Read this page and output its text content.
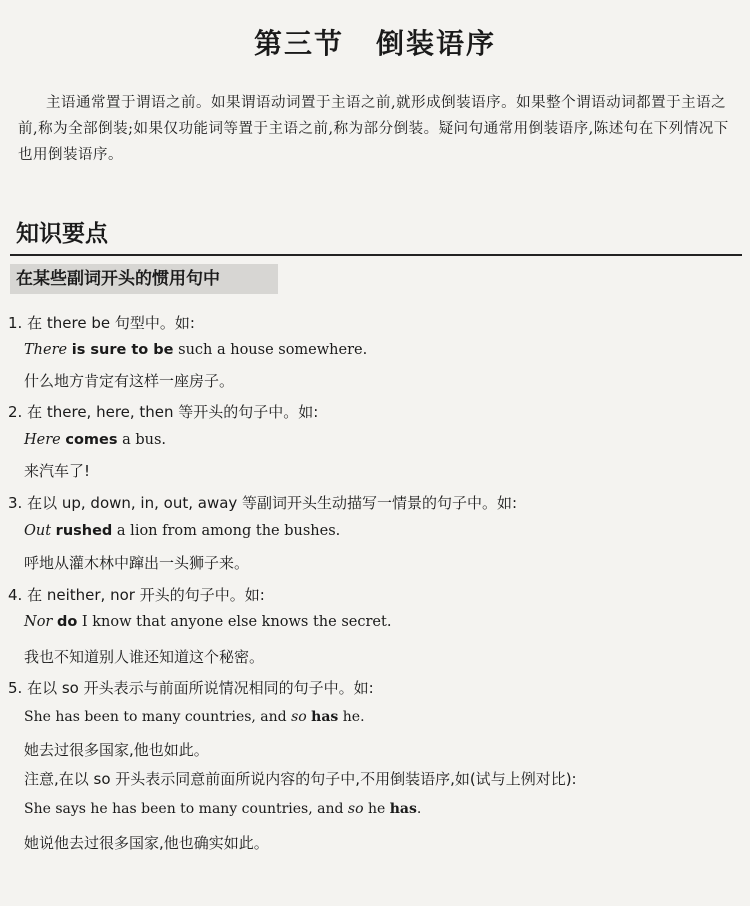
第三节 倒装语序
主语通常置于谓语之前。如果谓语动词置于主语之前,就形成倒装语序。如果整个谓语动词都置于主语之前,称为全部倒装;如果仅功能词等置于主语之前,称为部分倒装。疑问句通常用倒装语序,陈述句在下列情况下也用倒装语序。
知识要点
在某些副词开头的惯用句中
1. 在 there be 句型中。如:
There is sure to be such a house somewhere.
什么地方肯定有这样一座房子。
2. 在 there, here, then 等开头的句子中。如:
Here comes a bus.
来汽车了!
3. 在以 up, down, in, out, away 等副词开头生动描写一情景的句子中。如:
Out rushed a lion from among the bushes.
呼地从灌木林中蹿出一头狮子来。
4. 在 neither, nor 开头的句子中。如:
Nor do I know that anyone else knows the secret.
我也不知道别人谁还知道这个秘密。
5. 在以 so 开头表示与前面所说情况相同的句子中。如:
She has been to many countries, and so has he.
她去过很多国家,他也如此。
注意,在以 so 开头表示同意前面所说内容的句子中,不用倒装语序,如(试与上例对比):
She says he has been to many countries, and so he has.
她说他去过很多国家,他也确实如此。
